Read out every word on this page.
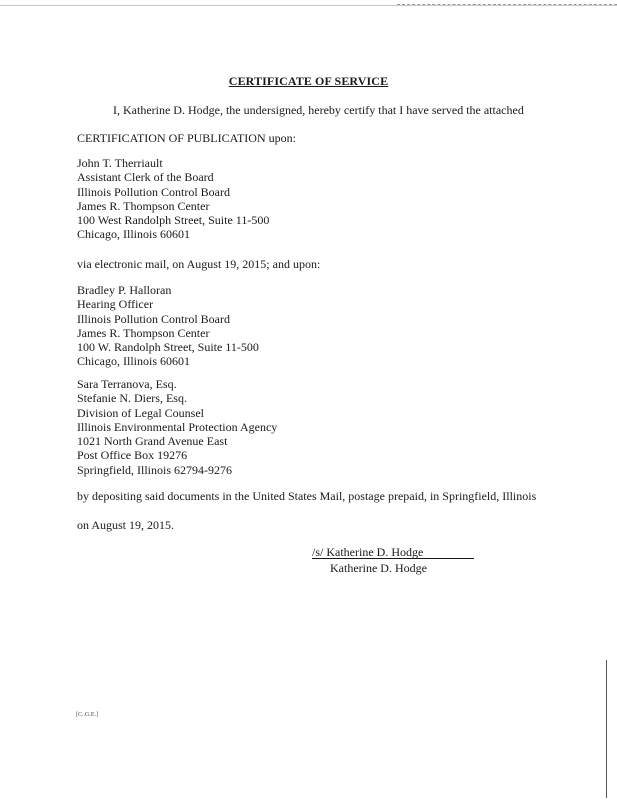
CERTIFICATE OF SERVICE
I, Katherine D. Hodge, the undersigned, hereby certify that I have served the attached
CERTIFICATION OF PUBLICATION upon:
John T. Therriault
Assistant Clerk of the Board
Illinois Pollution Control Board
James R. Thompson Center
100 West Randolph Street, Suite 11-500
Chicago, Illinois 60601
via electronic mail, on August 19, 2015; and upon:
Bradley P. Halloran
Hearing Officer
Illinois Pollution Control Board
James R. Thompson Center
100 W. Randolph Street, Suite 11-500
Chicago, Illinois 60601
Sara Terranova, Esq.
Stefanie N. Diers, Esq.
Division of Legal Counsel
Illinois Environmental Protection Agency
1021 North Grand Avenue East
Post Office Box 19276
Springfield, Illinois 62794-9276
by depositing said documents in the United States Mail, postage prepaid, in Springfield, Illinois
on August 19, 2015.
/s/ Katherine D. Hodge
Katherine D. Hodge
[C..G.E.]
